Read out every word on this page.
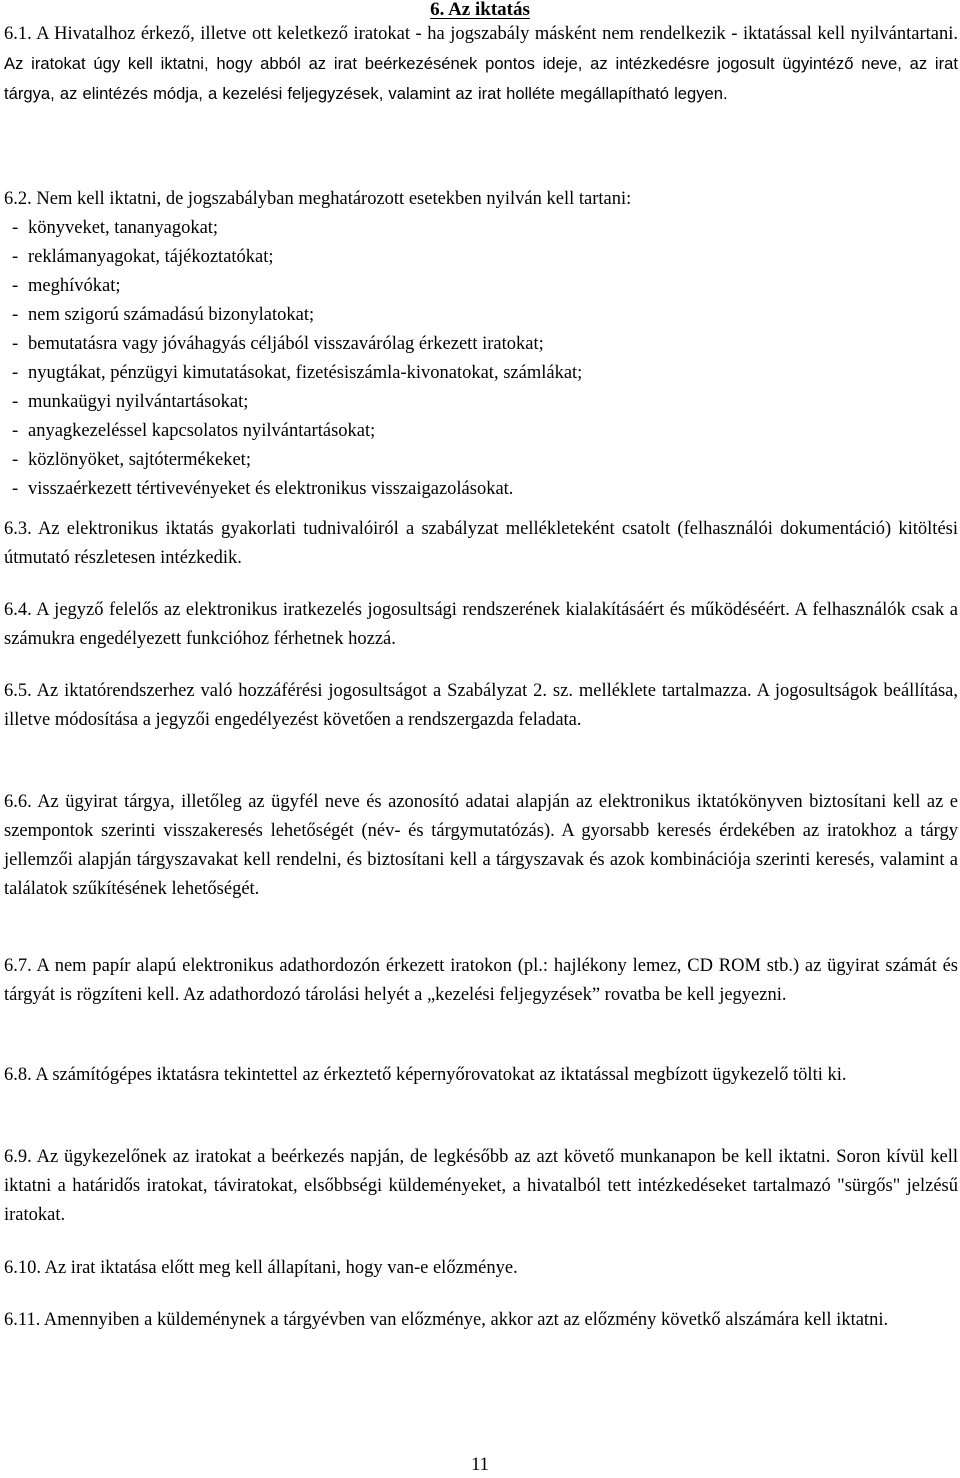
6. Az iktatás
6.1. A Hivatalhoz érkező, illetve ott keletkező iratokat - ha jogszabály másként nem rendelkezik - iktatással kell nyilvántartani. Az iratokat úgy kell iktatni, hogy abból az irat beérkezésének pontos ideje, az intézkedésre jogosult ügyintéző neve, az irat tárgya, az elintézés módja, a kezelési feljegyzések, valamint az irat holléte megállapítható legyen.
6.2. Nem kell iktatni, de jogszabályban meghatározott esetekben nyilván kell tartani:
- könyveket, tananyagokat;
- reklámanyagokat, tájékoztatókat;
- meghívókat;
- nem szigorú számadású bizonylatokat;
- bemutatásra vagy jóváhagyás céljából visszavárólag érkezett iratokat;
- nyugtákat, pénzügyi kimutatásokat, fizetésiszámla-kivonatokat, számlákat;
- munkaügyi nyilvántartásokat;
- anyagkezeléssel kapcsolatos nyilvántartásokat;
- közlönyöket, sajtótermékeket;
- visszaérkezett tértivevényeket és elektronikus visszaigazolásokat.
6.3. Az elektronikus iktatás gyakorlati tudnivalóiról a szabályzat mellékleteként csatolt (felhasználói dokumentáció) kitöltési útmutató részletesen intézkedik.
6.4. A jegyző felelős az elektronikus iratkezelés jogosultsági rendszerének kialakításáért és működéséért. A felhasználók csak a számukra engedélyezett funkcióhoz férhetnek hozzá.
6.5. Az iktatórendszerhez való hozzáférési jogosultságot a Szabályzat 2. sz. melléklete tartalmazza. A jogosultságok beállítása, illetve módosítása a jegyzői engedélyezést követően a rendszergazda feladata.
6.6. Az ügyirat tárgya, illetőleg az ügyfél neve és azonosító adatai alapján az elektronikus iktatókönyven biztosítani kell az e szempontok szerinti visszakeresés lehetőségét (név- és tárgymutatózás). A gyorsabb keresés érdekében az iratokhoz a tárgy jellemzői alapján tárgyszavakat kell rendelni, és biztosítani kell a tárgyszavak és azok kombinációja szerinti keresés, valamint a találatok szűkítésének lehetőségét.
6.7. A nem papír alapú elektronikus adathordozón érkezett iratokon (pl.: hajlékony lemez, CD ROM stb.) az ügyirat számát és tárgyát is rögzíteni kell. Az adathordozó tárolási helyét a „kezelési feljegyzések” rovatba be kell jegyezni.
6.8. A számítógépes iktatásra tekintettel az érkeztető képernyőrovatokat az iktatással megbízott ügykezelő tölti ki.
6.9. Az ügykezelőnek az iratokat a beérkezés napján, de legkésőbb az azt követő munkanapon be kell iktatni. Soron kívül kell iktatni a határidős iratokat, táviratokat, elsőbbségi küldeményeket, a hivatalból tett intézkedéseket tartalmazó "sürgős" jelzésű iratokat.
6.10. Az irat iktatása előtt meg kell állapítani, hogy van-e előzménye.
6.11. Amennyiben a küldeménynek a tárgyévben van előzménye, akkor azt az előzmény követkő alszámára kell iktatni.
11
